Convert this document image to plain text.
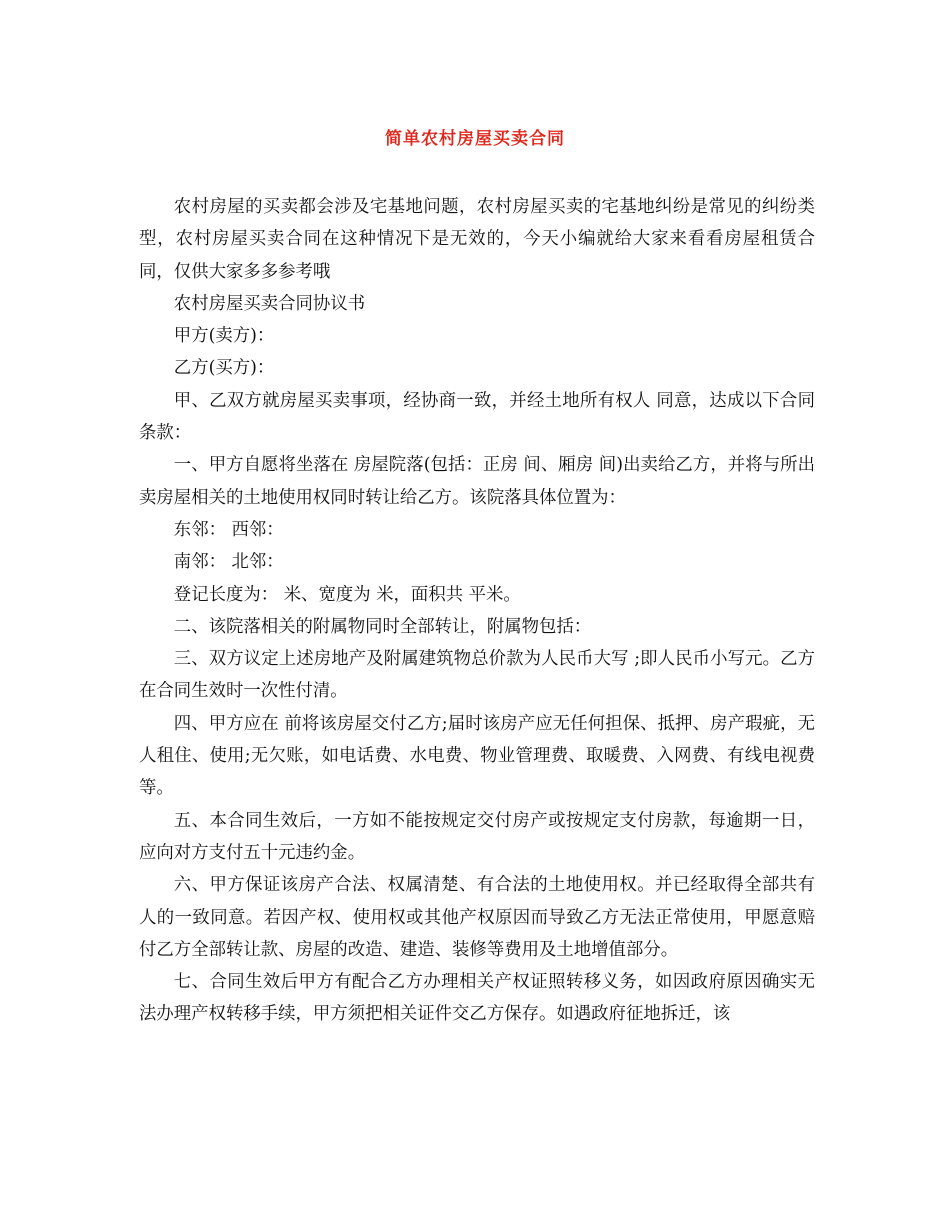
简单农村房屋买卖合同

农村房屋的买卖都会涉及宅基地问题，农村房屋买卖的宅基地纠纷是常见的纠纷类型，农村房屋买卖合同在这种情况下是无效的，今天小编就给大家来看看房屋租赁合同，仅供大家多多参考哦

农村房屋买卖合同协议书

甲方(卖方)：

乙方(买方)：

甲、乙双方就房屋买卖事项，经协商一致，并经土地所有权人 同意，达成以下合同条款：

一、甲方自愿将坐落在 房屋院落(包括：正房 间、厢房 间)出卖给乙方，并将与所出卖房屋相关的土地使用权同时转让给乙方。该院落具体位置为：

东邻： 西邻：

南邻： 北邻：

登记长度为： 米、宽度为 米，面积共 平米。

二、该院落相关的附属物同时全部转让，附属物包括：

三、双方议定上述房地产及附属建筑物总价款为人民币大写 ;即人民币小写元。乙方在合同生效时一次性付清。

四、甲方应在 前将该房屋交付乙方;届时该房产应无任何担保、抵押、房产瑕疵，无人租住、使用;无欠账，如电话费、水电费、物业管理费、取暖费、入网费、有线电视费等。

五、本合同生效后，一方如不能按规定交付房产或按规定支付房款，每逾期一日，应向对方支付五十元违约金。

六、甲方保证该房产合法、权属清楚、有合法的土地使用权。并已经取得全部共有人的一致同意。若因产权、使用权或其他产权原因而导致乙方无法正常使用，甲愿意赔付乙方全部转让款、房屋的改造、建造、装修等费用及土地增值部分。

七、合同生效后甲方有配合乙方办理相关产权证照转移义务，如因政府原因确实无法办理产权转移手续，甲方须把相关证件交乙方保存。如遇政府征地拆迁，该
